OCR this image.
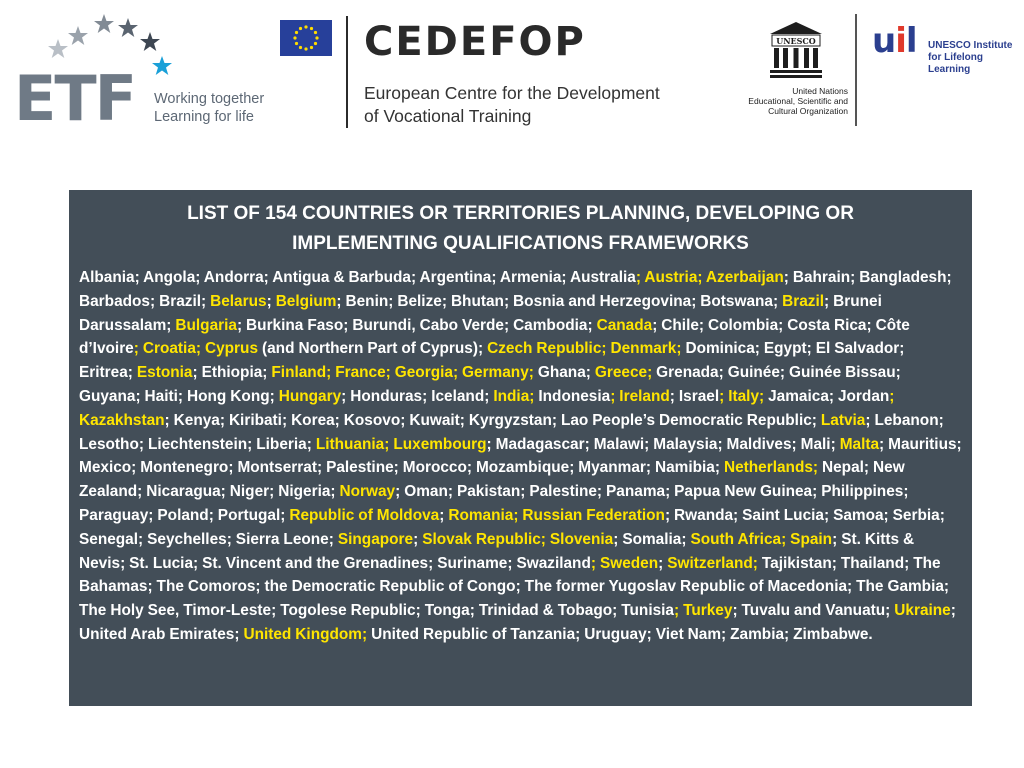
ETF Working together
Learning for life
CEDEFOP
European Centre for the Development
of Vocational Training
UNESCO
United Nations
Educational, Scientific and
Cultural Organization
uil UNESCO Institute
for Lifelong Learning
LIST OF 154 COUNTRIES OR TERRITORIES PLANNING, DEVELOPING OR IMPLEMENTING QUALIFICATIONS FRAMEWORKS
Albania; Angola; Andorra; Antigua & Barbuda; Argentina; Armenia; Australia; Austria; Azerbaijan; Bahrain; Bangladesh; Barbados; Brazil; Belarus; Belgium; Benin; Belize; Bhutan; Bosnia and Herzegovina; Botswana; Brazil; Brunei Darussalam; Bulgaria; Burkina Faso; Burundi, Cabo Verde; Cambodia; Canada; Chile; Colombia; Costa Rica; Côte d’Ivoire; Croatia; Cyprus (and Northern Part of Cyprus); Czech Republic; Denmark; Dominica; Egypt; El Salvador; Eritrea; Estonia; Ethiopia; Finland; France; Georgia; Germany; Ghana; Greece; Grenada; Guinée; Guinée Bissau; Guyana; Haiti; Hong Kong; Hungary; Honduras; Iceland; India; Indonesia; Ireland; Israel; Italy; Jamaica; Jordan; Kazakhstan; Kenya; Kiribati; Korea; Kosovo; Kuwait; Kyrgyzstan; Lao People’s Democratic Republic; Latvia; Lebanon; Lesotho; Liechtenstein; Liberia; Lithuania; Luxembourg; Madagascar; Malawi; Malaysia; Maldives; Mali; Malta; Mauritius; Mexico; Montenegro; Montserrat; Palestine; Morocco; Mozambique; Myanmar; Namibia; Netherlands; Nepal; New Zealand; Nicaragua; Niger; Nigeria; Norway; Oman; Pakistan; Palestine; Panama; Papua New Guinea; Philippines; Paraguay; Poland; Portugal; Republic of Moldova; Romania; Russian Federation; Rwanda; Saint Lucia; Samoa; Serbia; Senegal; Seychelles; Sierra Leone; Singapore; Slovak Republic; Slovenia; Somalia; South Africa; Spain; St. Kitts & Nevis; St. Lucia; St. Vincent and the Grenadines; Suriname; Swaziland; Sweden; Switzerland; Tajikistan; Thailand; The Bahamas; The Comoros; the Democratic Republic of Congo; The former Yugoslav Republic of Macedonia; The Gambia; The Holy See, Timor-Leste; Togolese Republic; Tonga; Trinidad & Tobago; Tunisia; Turkey; Tuvalu and Vanuatu; Ukraine; United Arab Emirates; United Kingdom; United Republic of Tanzania; Uruguay; Viet Nam; Zambia; Zimbabwe.
